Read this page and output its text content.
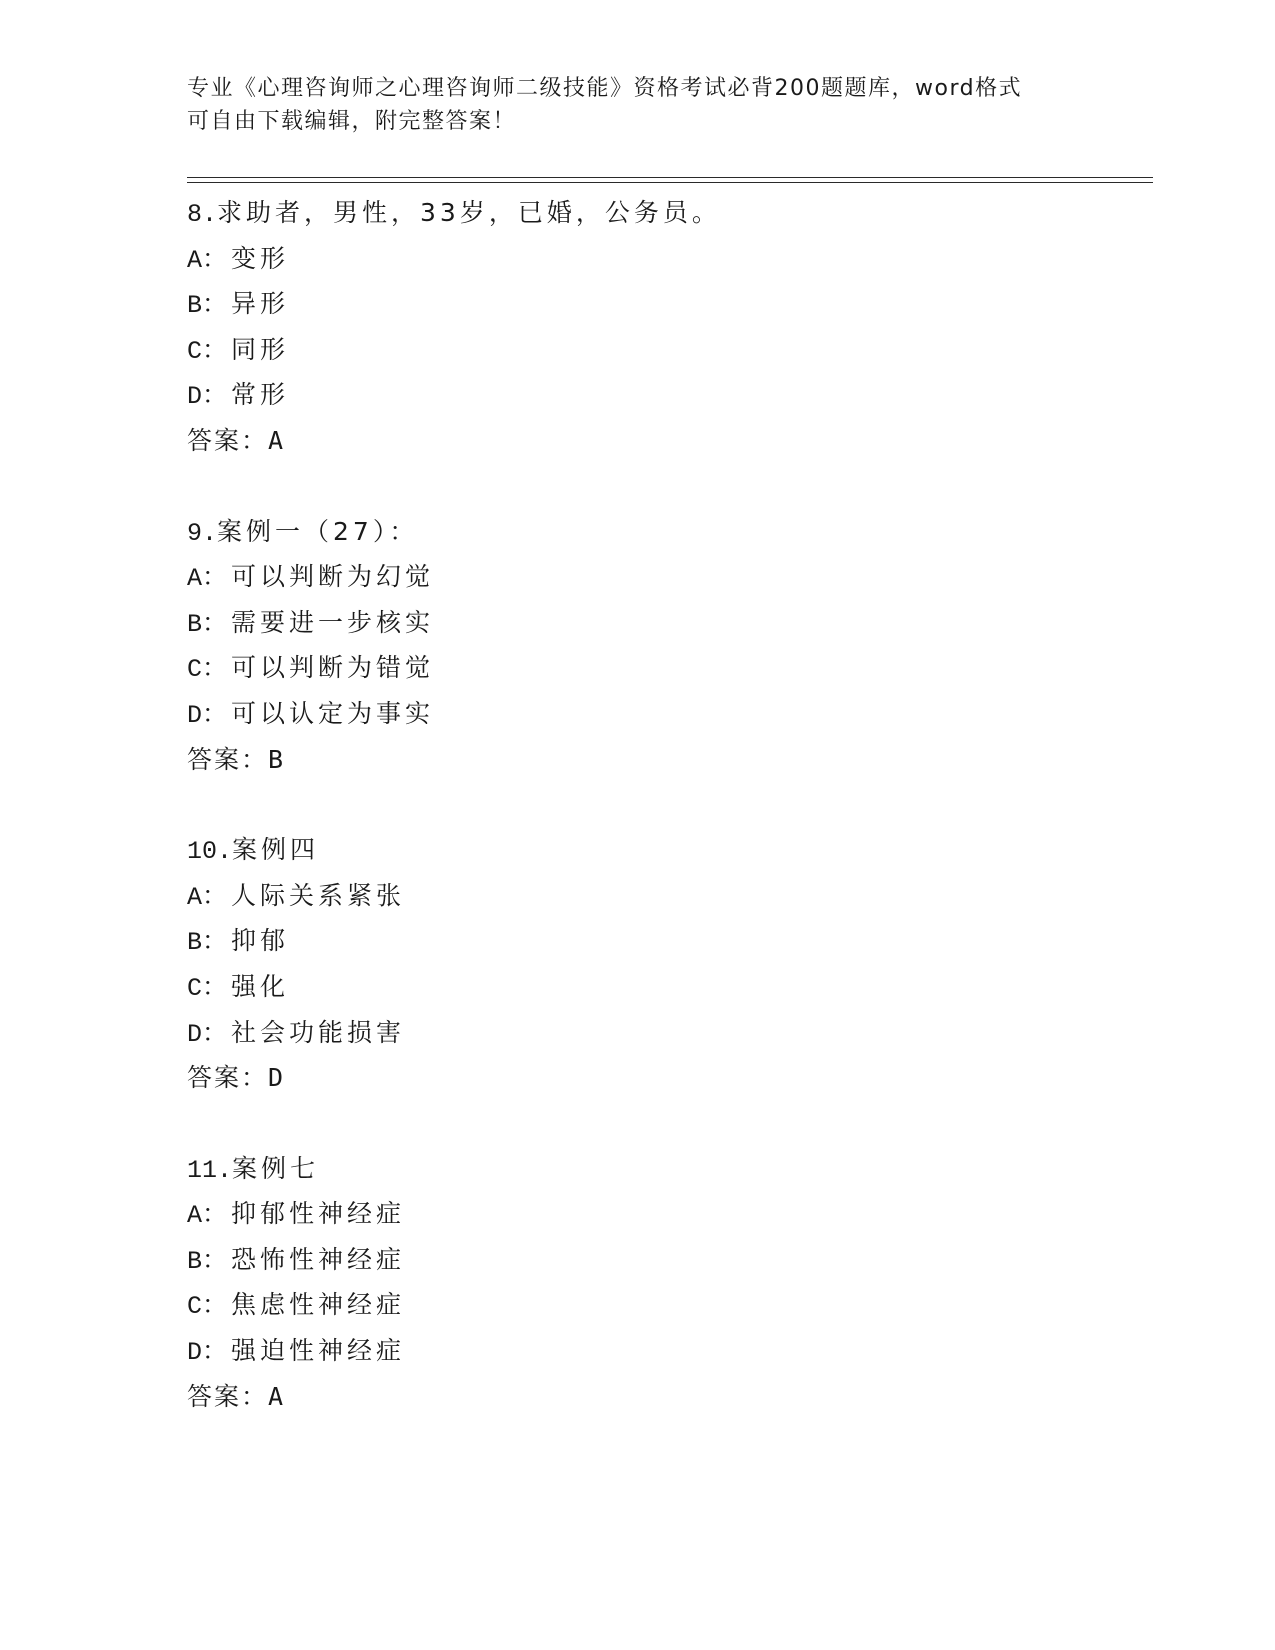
专业《心理咨询师之心理咨询师二级技能》资格考试必背200题题库，word格式
可自由下载编辑，附完整答案！
8.求助者，男性，33岁，已婚，公务员。
A： 变形
B： 异形
C： 同形
D： 常形
答案：A
9.案例一（27）：
A： 可以判断为幻觉
B： 需要进一步核实
C： 可以判断为错觉
D： 可以认定为事实
答案：B
10.案例四
A： 人际关系紧张
B： 抑郁
C： 强化
D： 社会功能损害
答案：D
11.案例七
A： 抑郁性神经症
B： 恐怖性神经症
C： 焦虑性神经症
D： 强迫性神经症
答案：A
